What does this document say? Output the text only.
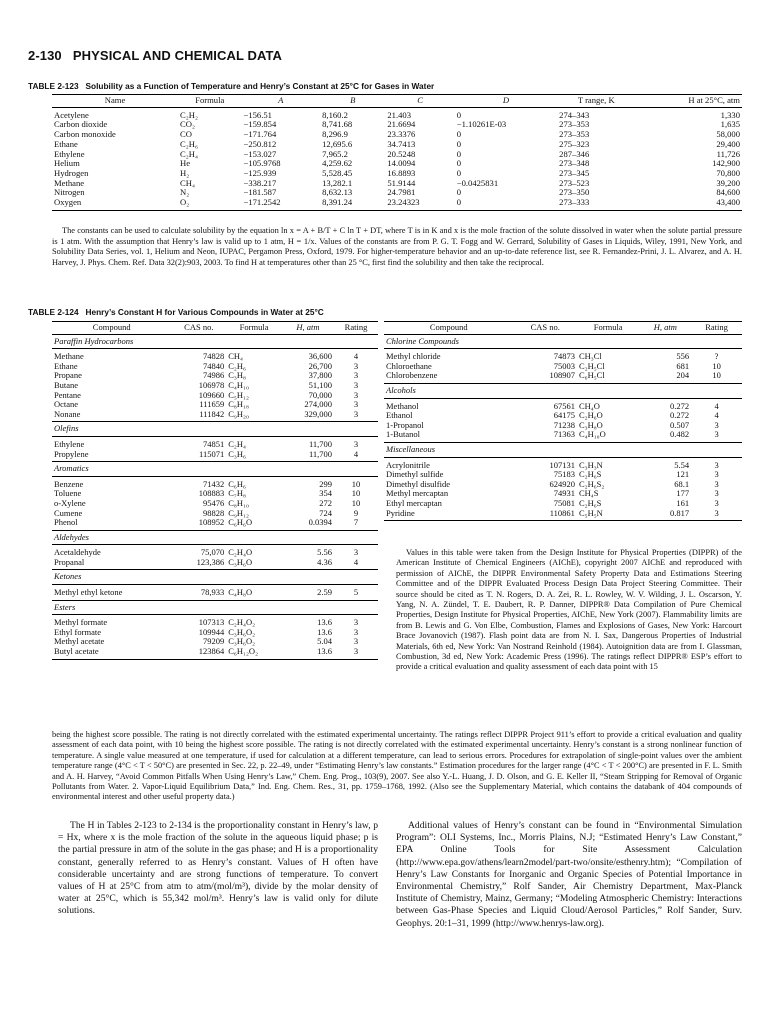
2-130 PHYSICAL AND CHEMICAL DATA
TABLE 2-123 Solubility as a Function of Temperature and Henry’s Constant at 25°C for Gases in Water
Name	Formula	A	B	C	D	T range, K	H at 25°C, atm
Acetylene	C₂H₂	−156.51	8,160.2	21.403	0	274–343	1,330
Carbon dioxide	CO₂	−159.854	8,741.68	21.6694	−1.10261E-03	273–353	1,635
Carbon monoxide	CO	−171.764	8,296.9	23.3376	0	273–353	58,000
Ethane	C₂H₆	−250.812	12,695.6	34.7413	0	275–323	29,400
Ethylene	C₂H₄	−153.027	7,965.2	20.5248	0	287–346	11,726
Helium	He	−105.9768	4,259.62	14.0094	0	273–348	142,900
Hydrogen	H₂	−125.939	5,528.45	16.8893	0	273–345	70,800
Methane	CH₄	−338.217	13,282.1	51.9144	−0.0425831	273–523	39,200
Nitrogen	N₂	−181.587	8,632.13	24.7981	0	273–350	84,600
Oxygen	O₂	−171.2542	8,391.24	23.24323	0	273–333	43,400

The constants can be used to calculate solubility by the equation ln x = A + B/T + C ln T + DT, where T is in K and x is the mole fraction of the solute dissolved in water when the solute partial pressure is 1 atm. With the assumption that Henry’s law is valid up to 1 atm, H = 1/x. Values of the constants are from P. G. T. Fogg and W. Gerrard, Solubility of Gases in Liquids, Wiley, 1991, New York, and Solubility Data Series, vol. 1, Helium and Neon, IUPAC, Pergamon Press, Oxford, 1979. For higher-temperature behavior and an up-to-date reference list, see R. Fernandez-Prini, J. L. Alvarez, and A. H. Harvey, J. Phys. Chem. Ref. Data 32(2):903, 2003. To find H at temperatures other than 25 °C, first find the solubility and then take the reciprocal.

TABLE 2-124 Henry’s Constant H for Various Compounds in Water at 25°C
Compound	CAS no.	Formula	H, atm	Rating
Paraffin Hydrocarbons				
Methane	74828	CH₄	36,600	4
Ethane	74840	C₂H₆	26,700	3
Propane	74986	C₃H₈	37,800	3
Butane	106978	C₄H₁₀	51,100	3
Pentane	109660	C₅H₁₂	70,000	3
Octane	111659	C₈H₁₈	274,000	3
Nonane	111842	C₉H₂₀	329,000	3
Olefins				
Ethylene	74851	C₂H₄	11,700	3
Propylene	115071	C₃H₆	11,700	4
Aromatics				
Benzene	71432	C₆H₆	299	10
Toluene	108883	C₇H₈	354	10
o-Xylene	95476	C₈H₁₀	272	10
Cumene	98828	C₉H₁₂	724	9
Phenol	108952	C₆H₆O	0.0394	7
Aldehydes				
Acetaldehyde	75,070	C₂H₄O	5.56	3
Propanal	123,386	C₃H₆O	4.36	4
Ketones				
Methyl ethyl ketone	78,933	C₄H₈O	2.59	5
Esters				
Methyl formate	107313	C₂H₄O₂	13.6	3
Ethyl formate	109944	C₃H₆O₂	13.6	3
Methyl acetate	79209	C₃H₆O₂	5.04	3
Butyl acetate	123864	C₆H₁₂O₂	13.6	3
Compound	CAS no.	Formula	H, atm	Rating
Chlorine Compounds				
Methyl chloride	74873	CH₃Cl	556	?
Chloroethane	75003	C₂H₅Cl	681	10
Chlorobenzene	108907	C₆H₅Cl	204	10
Alcohols				
Methanol	67561	CH₄O	0.272	4
Ethanol	64175	C₂H₆O	0.272	4
1-Propanol	71238	C₃H₈O	0.507	3
1-Butanol	71363	C₄H₁₀O	0.482	3
Miscellaneous				
Acrylonitrile	107131	C₃H₃N	5.54	3
Dimethyl sulfide	75183	C₂H₆S	121	3
Dimethyl disulfide	624920	C₂H₆S₂	68.1	3
Methyl mercaptan	74931	CH₄S	177	3
Ethyl mercaptan	75081	C₂H₆S	161	3
Pyridine	110861	C₅H₅N	0.817	3

Values in this table were taken from the Design Institute for Physical Properties (DIPPR) of the American Institute of Chemical Engineers (AIChE), copyright 2007 AIChE and reproduced with permission of AIChE, the DIPPR Environmental Safety Property Data and Estimations Steering Committee and of the DIPPR Evaluated Process Design Data Project Steering Committee. Their source should be cited as T. N. Rogers, D. A. Zei, R. L. Rowley, W. V. Wilding, J. L. Oscarson, Y. Yang, N. A. Zündel, T. E. Daubert, R. P. Danner, DIPPR® Data Compilation of Pure Chemical Properties, Design Institute for Physical Properties, AIChE, New York (2007). Flammability limits are from B. Lewis and G. Von Elbe, Combustion, Flames and Explosions of Gases, New York: Harcourt Brace Jovanovich (1987). Flash point data are from N. I. Sax, Dangerous Properties of Industrial Materials, 6th ed, New York: Van Nostrand Reinhold (1984). Autoignition data are from I. Glassman, Combustion, 3d ed, New York: Academic Press (1996). The ratings reflect DIPPR® ESP’s effort to provide a critical evaluation and quality assessment of each data point with 15

being the highest score possible. The rating is not directly correlated with the estimated experimental uncertainty. The ratings reflect DIPPR Project 911’s effort to provide a critical evaluation and quality assessment of each data point, with 10 being the highest score possible. The rating is not directly correlated with the estimated experimental uncertainty. Henry’s constant is a strong nonlinear function of temperature. A single value measured at one temperature, if used for calculation at a different temperature, can lead to serious errors. Procedures for extrapolation of single-point values over the ambient temperature range (4°C < T < 50°C) are presented in Sec. 22, p. 22–49, under “Estimating Henry’s law constants.” Estimation procedures for the larger range (4°C < T < 200°C) are presented in F. L. Smith and A. H. Harvey, “Avoid Common Pitfalls When Using Henry’s Law,” Chem. Eng. Prog., 103(9), 2007. See also Y.-L. Huang, J. D. Olson, and G. E. Keller II, “Steam Stripping for Removal of Organic Pollutants from Water. 2. Vapor-Liquid Equilibrium Data,” Ind. Eng. Chem. Res., 31, pp. 1759–1768, 1992. (Also see the Supplementary Material, which contains the databank of 404 compounds of environmental interest and other useful property data.)

The H in Tables 2-123 to 2-134 is the proportionality constant in Henry’s law, p = Hx, where x is the mole fraction of the solute in the aqueous liquid phase; p is the partial pressure in atm of the solute in the gas phase; and H is a proportionality constant, generally referred to as Henry’s constant. Values of H often have considerable uncertainty and are strong functions of temperature. To convert values of H at 25°C from atm to atm/(mol/m³), divide by the molar density of water at 25°C, which is 55,342 mol/m³. Henry’s law is valid only for dilute solutions.

Additional values of Henry’s constant can be found in “Environmental Simulation Program”: OLI Systems, Inc., Morris Plains, N.J; “Estimated Henry’s Law Constant,” EPA Online Tools for Site Assessment Calculation (http://www.epa.gov/athens/learn2model/part-two/onsite/esthenry.htm); “Compilation of Henry’s Law Constants for Inorganic and Organic Species of Potential Importance in Environmental Chemistry,” Rolf Sander, Air Chemistry Department, Max-Planck Institute of Chemistry, Mainz, Germany; “Modeling Atmospheric Chemistry: Interactions between Gas-Phase Species and Liquid Cloud/Aerosol Particles,” Rolf Sander, Surv. Geophys. 20:1–31, 1999 (http://www.henrys-law.org).
